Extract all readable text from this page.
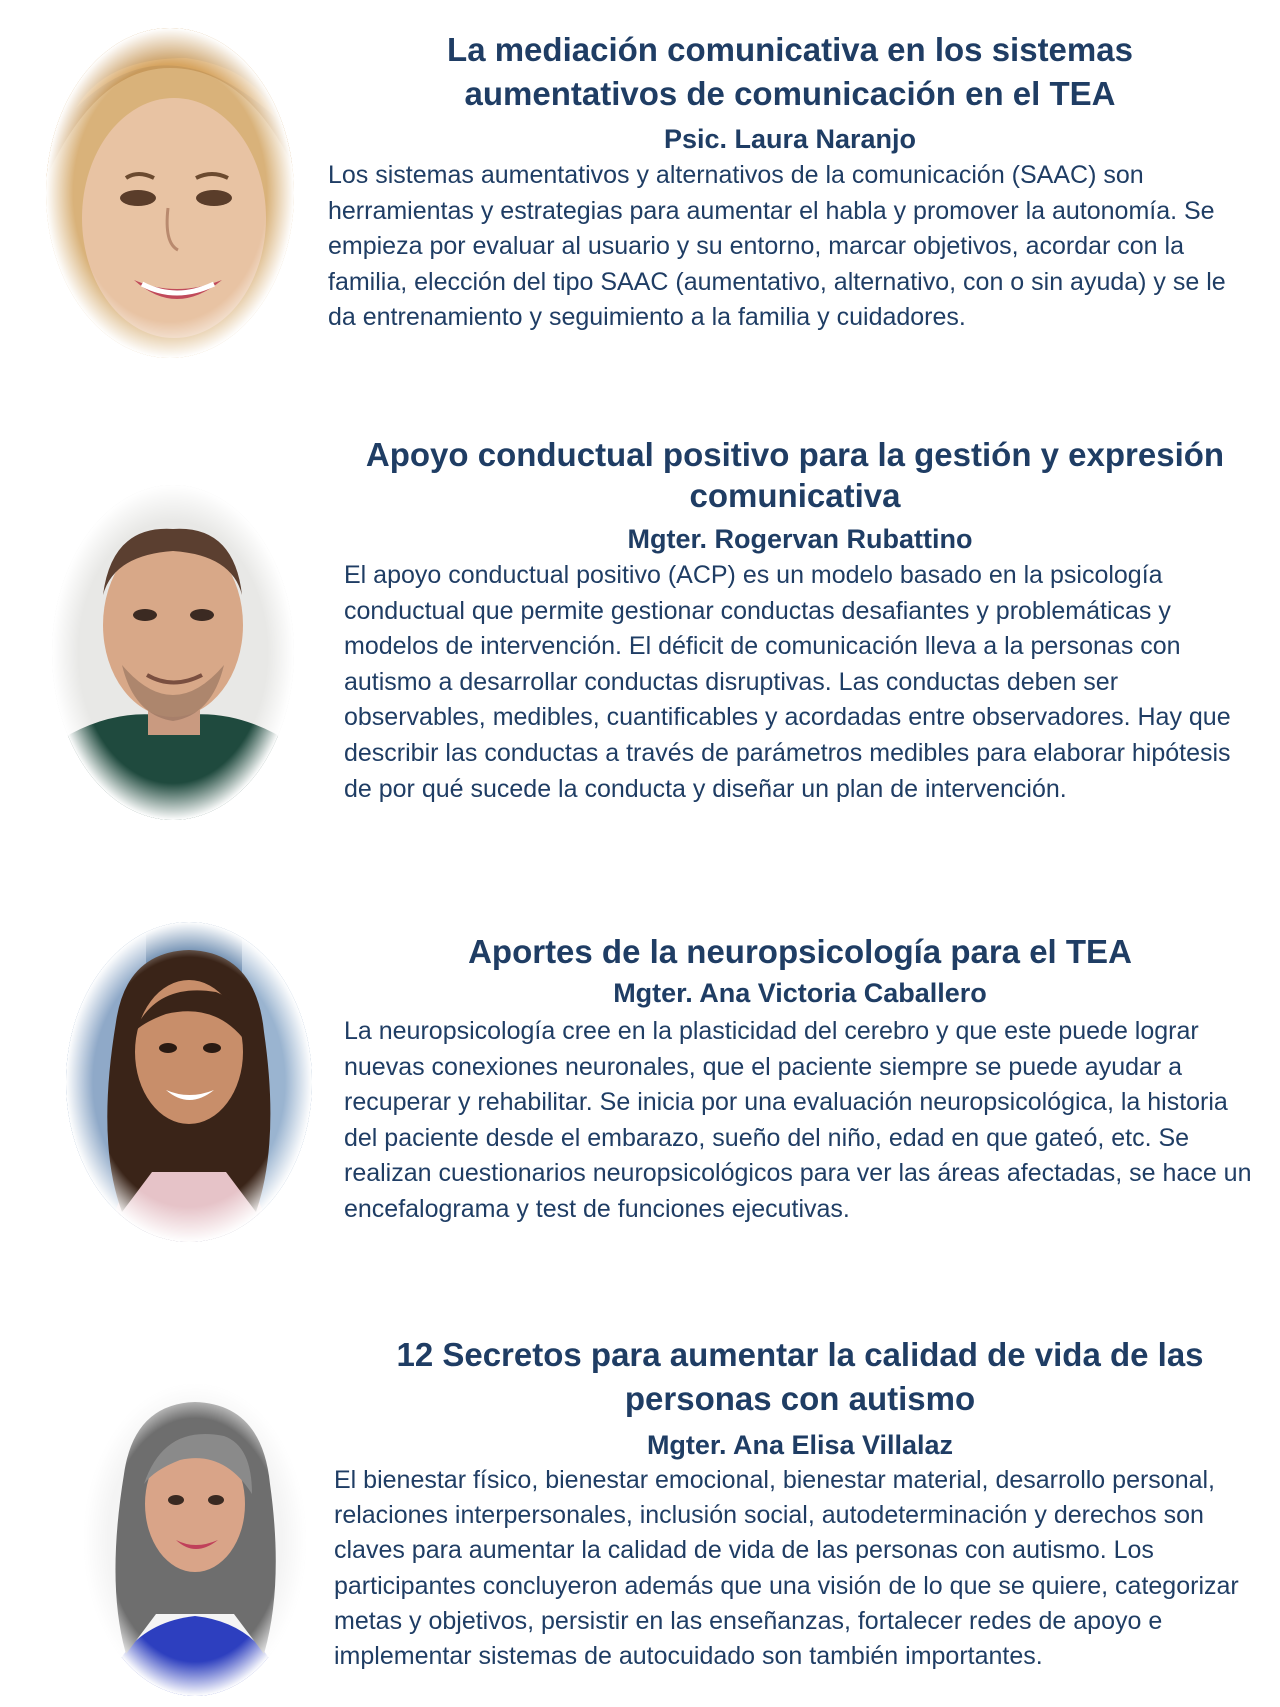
La mediación comunicativa en los sistemas aumentativos de comunicación en el TEA
Psic. Laura Naranjo

Los sistemas aumentativos y alternativos de la comunicación (SAAC) son herramientas y estrategias para aumentar el habla y promover la autonomía. Se empieza por evaluar al usuario y su entorno, marcar objetivos, acordar con la familia, elección del tipo SAAC (aumentativo, alternativo, con o sin ayuda) y se le da entrenamiento y seguimiento a la familia y cuidadores.

Apoyo conductual positivo para la gestión y expresión comunicativa
Mgter. Rogervan Rubattino

El apoyo conductual positivo (ACP) es un modelo basado en la psicología conductual que permite gestionar conductas desafiantes y problemáticas y modelos de intervención. El déficit de comunicación lleva a la personas con autismo a desarrollar conductas disruptivas. Las conductas deben ser observables, medibles, cuantificables y acordadas entre observadores. Hay que describir las conductas a través de parámetros medibles para elaborar hipótesis de por qué sucede la conducta y diseñar un plan de intervención.

Aportes de la neuropsicología para el TEA
Mgter. Ana Victoria Caballero

La neuropsicología cree en la plasticidad del cerebro y que este puede lograr nuevas conexiones neuronales, que el paciente siempre se puede ayudar a recuperar y rehabilitar. Se inicia por una evaluación neuropsicológica, la historia del paciente desde el embarazo, sueño del niño, edad en que gateó, etc. Se realizan cuestionarios neuropsicológicos para ver las áreas afectadas, se hace un encefalograma y test de funciones ejecutivas.

12 Secretos para aumentar la calidad de vida de las personas con autismo
Mgter. Ana Elisa Villalaz

El bienestar físico, bienestar emocional, bienestar material, desarrollo personal, relaciones interpersonales, inclusión social, autodeterminación y derechos son claves para aumentar la calidad de vida de las personas con autismo. Los participantes concluyeron además que una visión de lo que se quiere, categorizar metas y objetivos, persistir en las enseñanzas, fortalecer redes de apoyo e implementar sistemas de autocuidado son también importantes.
